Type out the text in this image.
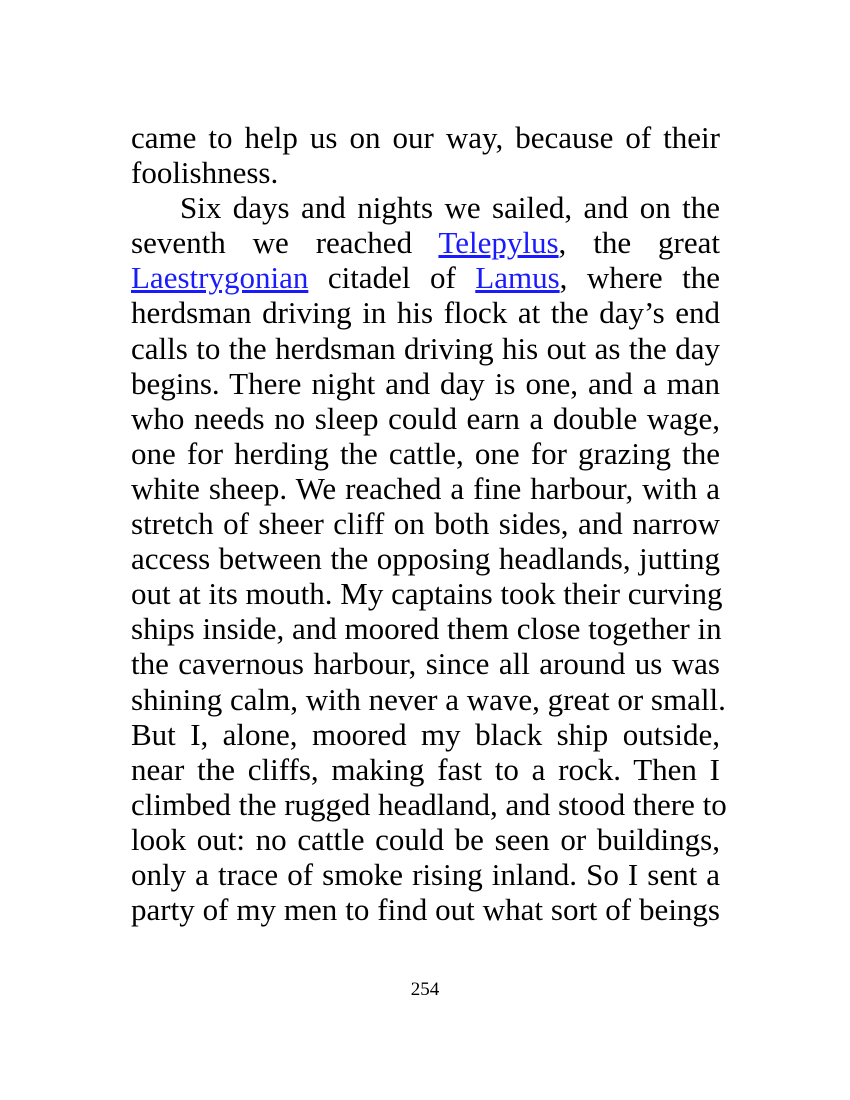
came to help us on our way, because of their
foolishness.
Six days and nights we sailed, and on the
seventh we reached Telepylus, the great
Laestrygonian citadel of Lamus, where the
herdsman driving in his flock at the day’s end
calls to the herdsman driving his out as the day
begins. There night and day is one, and a man
who needs no sleep could earn a double wage,
one for herding the cattle, one for grazing the
white sheep. We reached a fine harbour, with a
stretch of sheer cliff on both sides, and narrow
access between the opposing headlands, jutting
out at its mouth. My captains took their curving
ships inside, and moored them close together in
the cavernous harbour, since all around us was
shining calm, with never a wave, great or small.
But I, alone, moored my black ship outside,
near the cliffs, making fast to a rock. Then I
climbed the rugged headland, and stood there to
look out: no cattle could be seen or buildings,
only a trace of smoke rising inland. So I sent a
party of my men to find out what sort of beings
254
